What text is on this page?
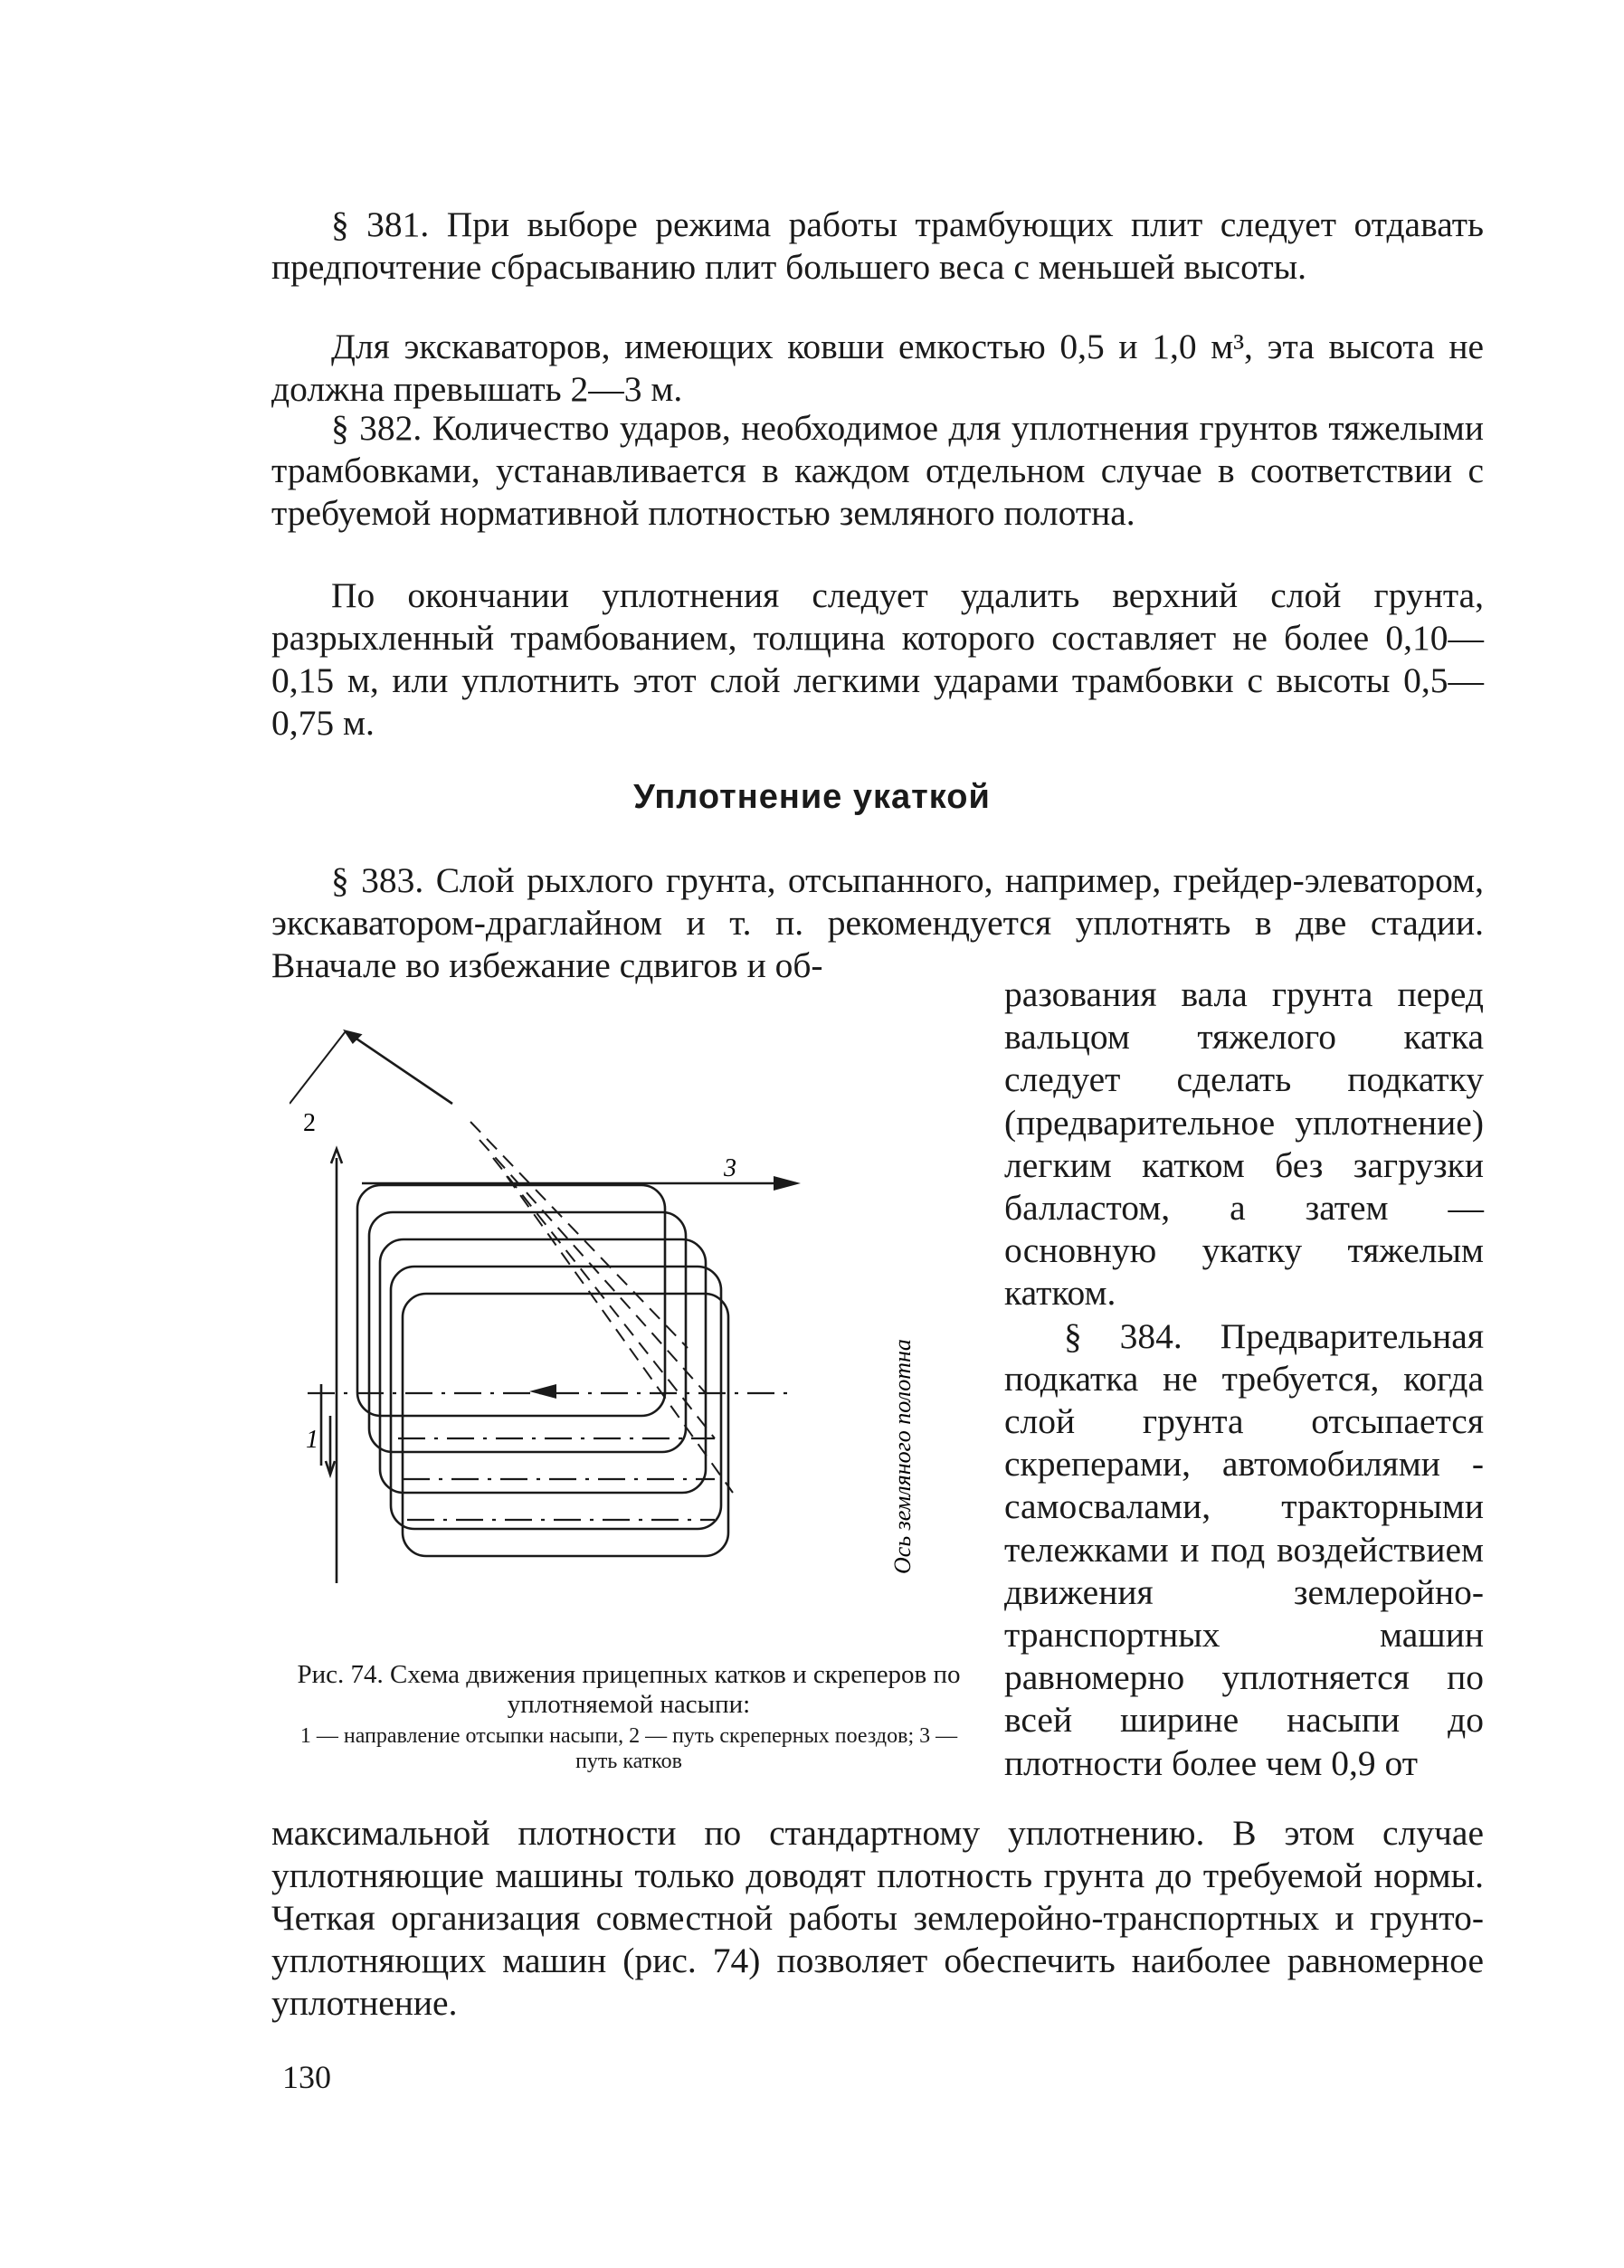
§ 381. При выборе режима работы трамбующих плит следует отдавать предпочтение сбрасыванию плит большего веса с меньшей высоты.

Для экскаваторов, имеющих ковши емкостью 0,5 и 1,0 м³, эта высота не должна превышать 2—3 м.

§ 382. Количество ударов, необходимое для уплотнения грунтов тяжелыми трамбовками, устанавливается в каждом отдельном случае в соответствии с требуемой нормативной плотностью земляного полотна.

По окончании уплотнения следует удалить верхний слой грунта, разрыхленный трамбованием, толщина которого составляет не более 0,10—0,15 м, или уплотнить этот слой легкими ударами трамбовки с высоты 0,5—0,75 м.

Уплотнение укаткой

§ 383. Слой рыхлого грунта, отсыпанного, например, грейдер-элеватором, экскаватором-драглайном и т. п. рекомендуется уплотнять в две стадии. Вначале во избежание сдвигов и об-

разования вала грунта перед вальцом тяжелого катка следует сделать подкатку (предварительное уплотнение) легким катком без загрузки балластом, а затем — основную укатку тяжелым катком.

§ 384. Предварительная подкатка не требуется, когда слой грунта отсыпается скреперами, автомобилями - самосвалами, тракторными тележками и под воздействием движения землеройно-транспортных машин равномерно уплотняется по всей ширине насыпи до плотности более чем 0,9 от

2
1
3
Ось земляного полотна
Рис. 74. Схема движения прицепных катков и скреперов по уплотняемой насыпи:
1 — направление отсыпки насыпи, 2 — путь скреперных поездов; 3 — путь катков

максимальной плотности по стандартному уплотнению. В этом случае уплотняющие машины только доводят плотность грунта до требуемой нормы. Четкая организация совместной работы землеройно-транспортных и грунто-уплотняющих машин (рис. 74) позволяет обеспечить наиболее равномерное уплотнение.

130
